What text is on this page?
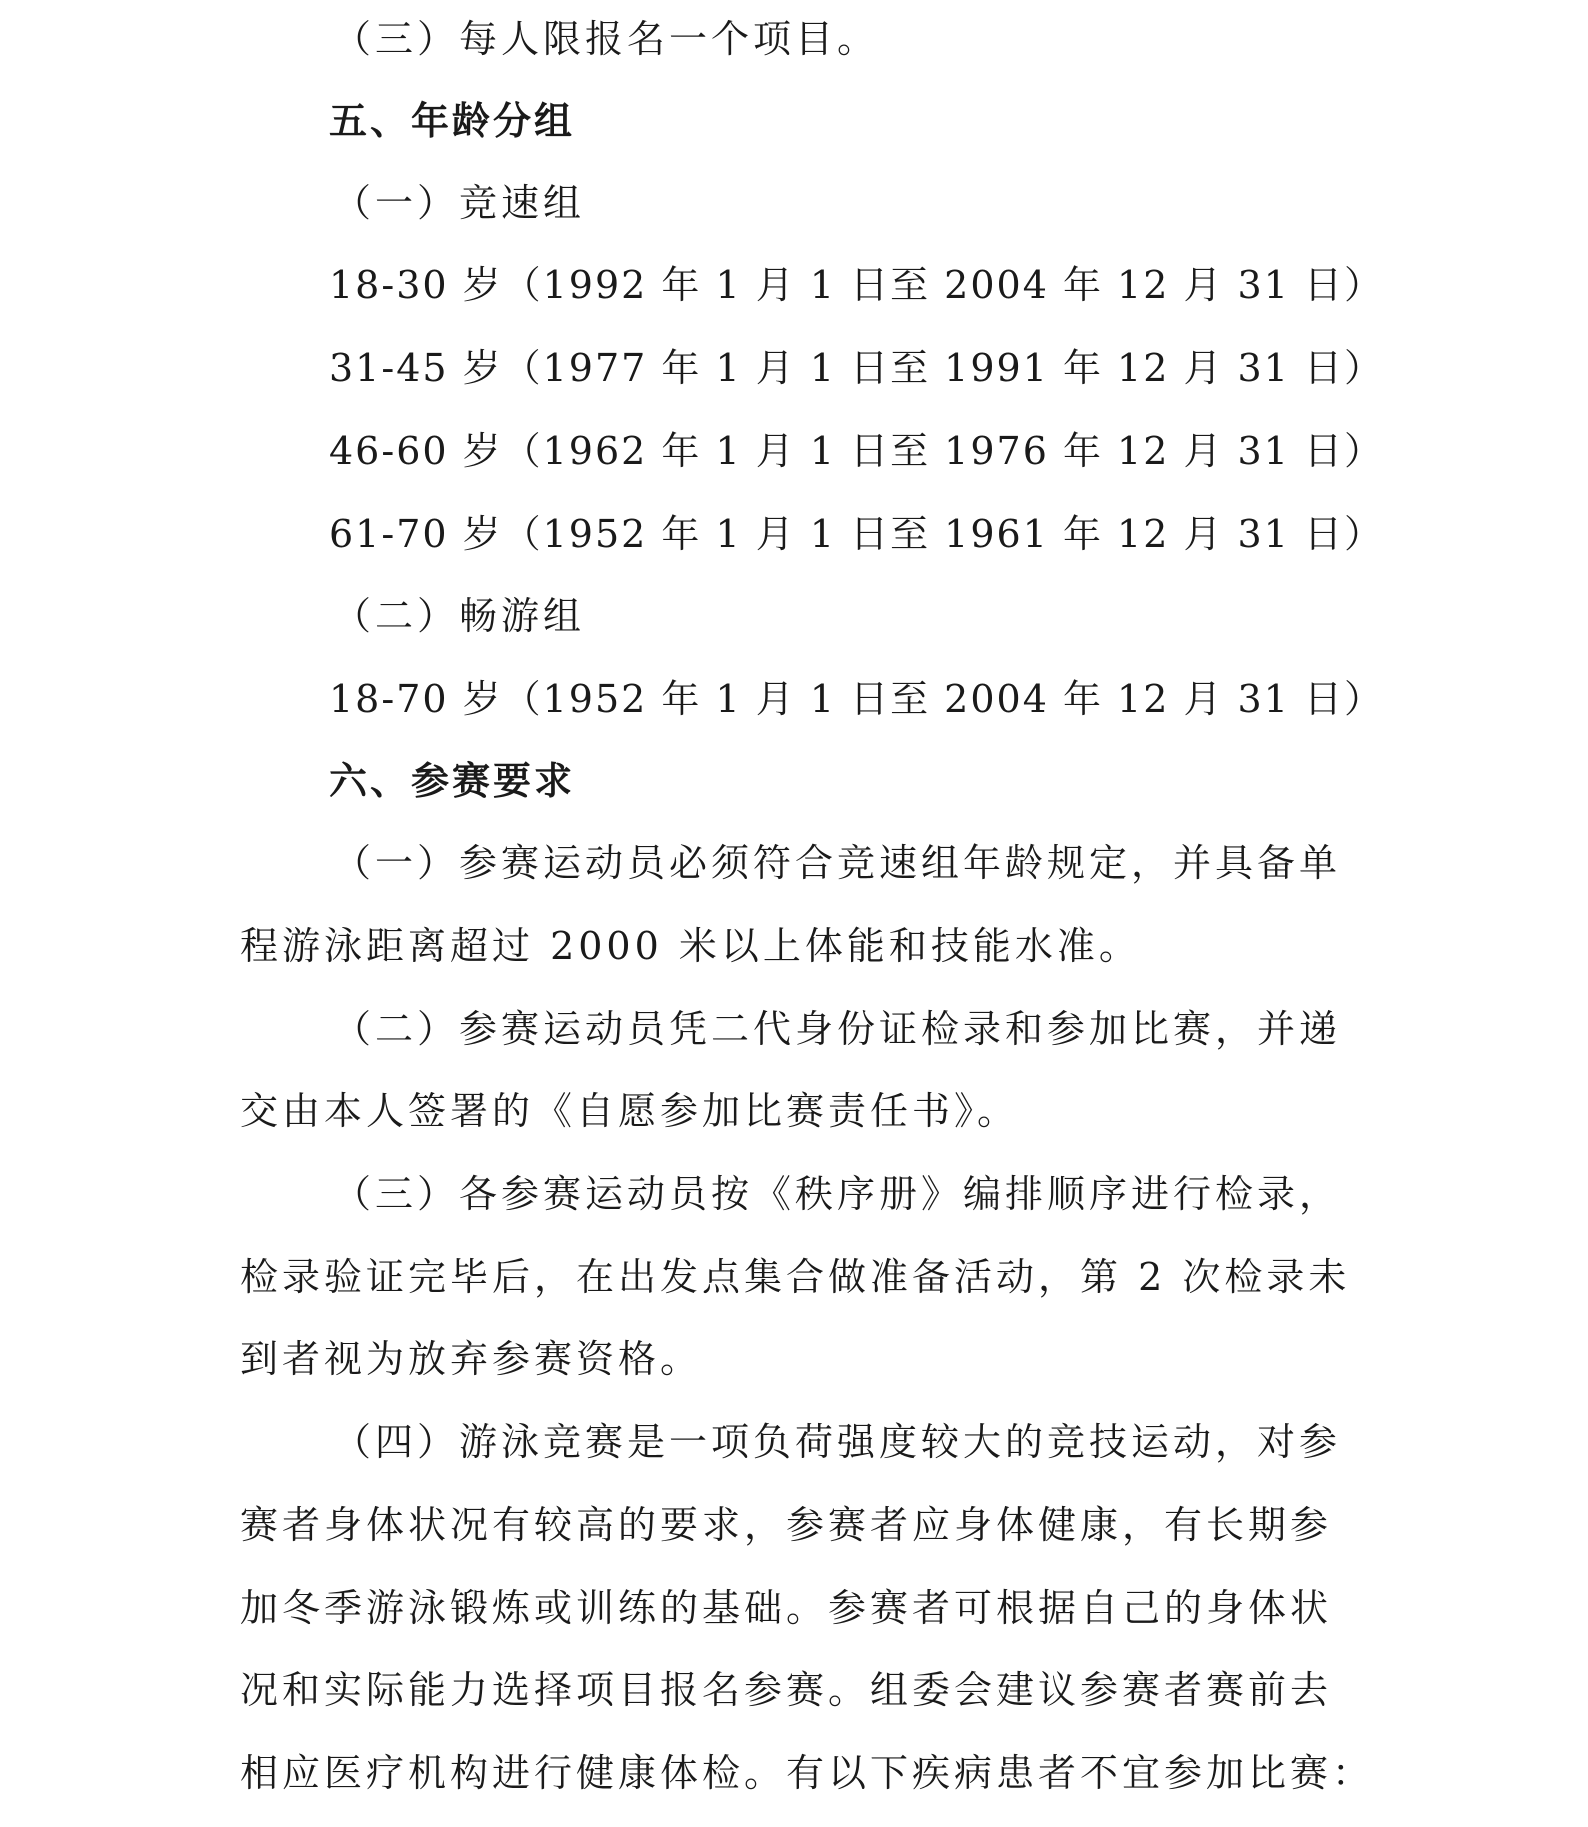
（三）每人限报名一个项目。
五、年龄分组
（一）竞速组
18-30 岁（1992 年 1 月 1 日至 2004 年 12 月 31 日）
31-45 岁（1977 年 1 月 1 日至 1991 年 12 月 31 日）
46-60 岁（1962 年 1 月 1 日至 1976 年 12 月 31 日）
61-70 岁（1952 年 1 月 1 日至 1961 年 12 月 31 日）
（二）畅游组
18-70 岁（1952 年 1 月 1 日至 2004 年 12 月 31 日）
六、参赛要求
（一）参赛运动员必须符合竞速组年龄规定，并具备单
程游泳距离超过 2000 米以上体能和技能水准。
（二）参赛运动员凭二代身份证检录和参加比赛，并递
交由本人签署的《自愿参加比赛责任书》。
（三）各参赛运动员按《秩序册》编排顺序进行检录，
检录验证完毕后，在出发点集合做准备活动，第 2 次检录未
到者视为放弃参赛资格。
（四）游泳竞赛是一项负荷强度较大的竞技运动，对参
赛者身体状况有较高的要求，参赛者应身体健康，有长期参
加冬季游泳锻炼或训练的基础。参赛者可根据自己的身体状
况和实际能力选择项目报名参赛。组委会建议参赛者赛前去
相应医疗机构进行健康体检。有以下疾病患者不宜参加比赛：
